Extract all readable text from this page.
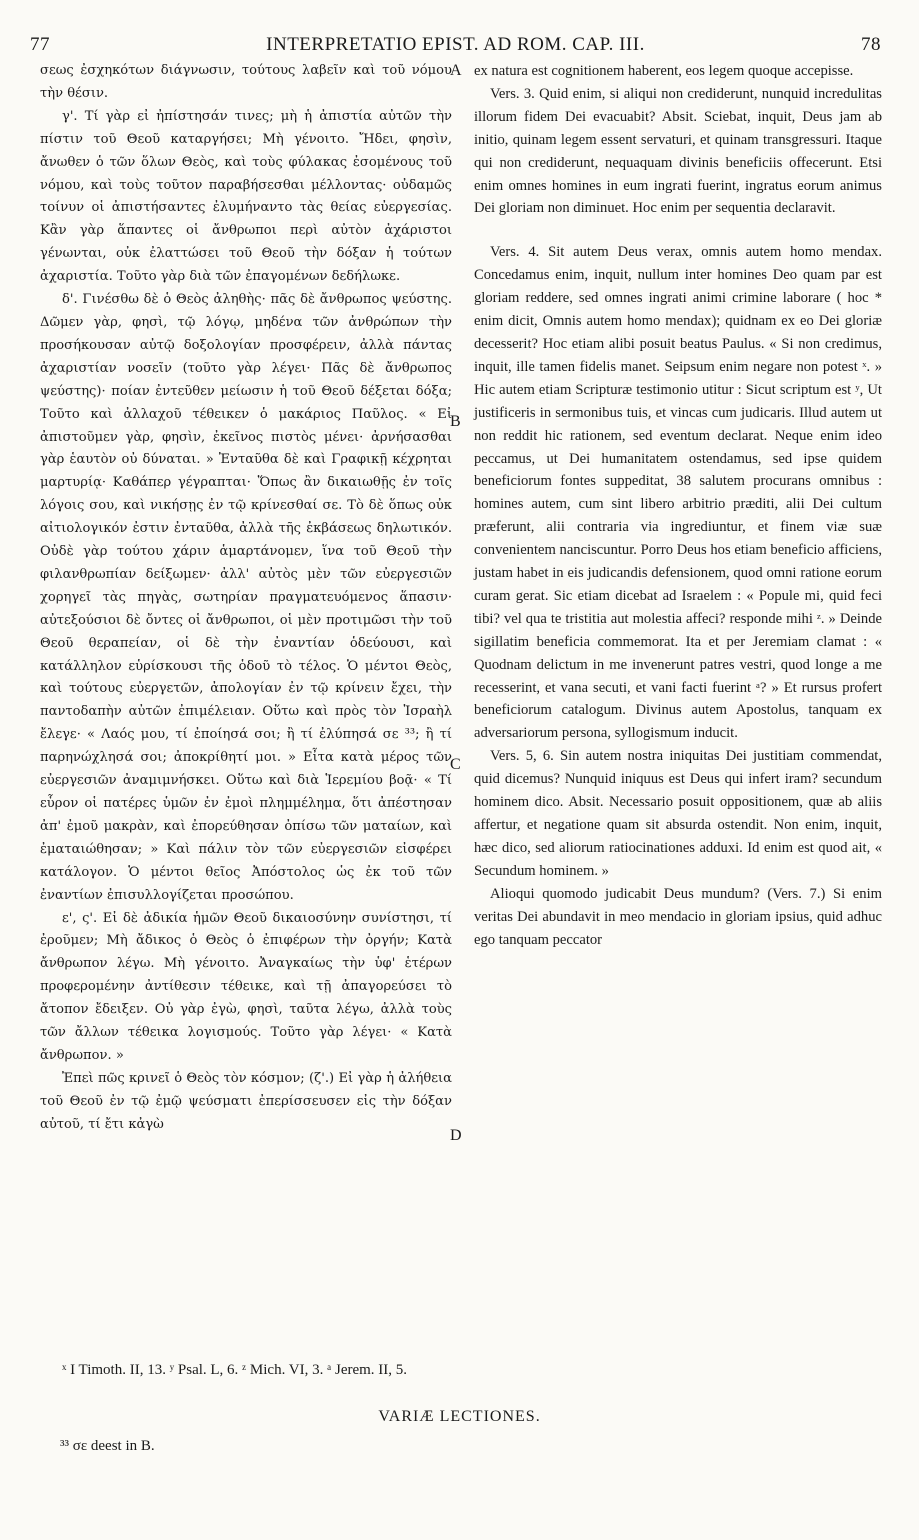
77	INTERPRETATIO EPIST. AD ROM. CAP. III.	78

σεως ἐσχηκότων διάγνωσιν, τούτους λαβεῖν καὶ τοῦ νόμου τὴν θέσιν.

γ'. Τί γὰρ εἰ ἠπίστησάν τινες; μὴ ἡ ἀπιστία αὐτῶν τὴν πίστιν τοῦ Θεοῦ καταργήσει; Μὴ γένοιτο. Ἤδει, φησὶν, ἄνωθεν ὁ τῶν ὅλων Θεὸς, καὶ τοὺς φύλακας ἐσομένους τοῦ νόμου, καὶ τοὺς τοῦτον παραβήσεσθαι μέλλοντας· οὐδαμῶς τοίνυν οἱ ἀπιστήσαντες ἐλυμήναντο τὰς θείας εὐεργεσίας. Κἂν γὰρ ἅπαντες οἱ ἄνθρωποι περὶ αὐτὸν ἀχάριστοι γένωνται, οὐκ ἐλαττώσει τοῦ Θεοῦ τὴν δόξαν ἡ τούτων ἀχαριστία. Τοῦτο γὰρ διὰ τῶν ἐπαγομένων δεδήλωκε.

δ'. Γινέσθω δὲ ὁ Θεὸς ἀληθὴς· πᾶς δὲ ἄνθρωπος ψεύστης. Δῶμεν γὰρ, φησὶ, τῷ λόγῳ, μηδένα τῶν ἀνθρώπων τὴν προσήκουσαν αὐτῷ δοξολογίαν προσφέρειν, ἀλλὰ πάντας ἀχαριστίαν νοσεῖν (τοῦτο γὰρ λέγει· Πᾶς δὲ ἄνθρωπος ψεύστης)· ποίαν ἐντεῦθεν μείωσιν ἡ τοῦ Θεοῦ δέξεται δόξα; Τοῦτο καὶ ἀλλαχοῦ τέθεικεν ὁ μακάριος Παῦλος. « Εἰ ἀπιστοῦμεν γὰρ, φησὶν, ἐκεῖνος πιστὸς μένει· ἀρνήσασθαι γὰρ ἑαυτὸν οὐ δύναται. » Ἐνταῦθα δὲ καὶ Γραφικῇ κέχρηται μαρτυρίᾳ· Καθάπερ γέγραπται· Ὅπως ἂν δικαιωθῇς ἐν τοῖς λόγοις σου, καὶ νικήσῃς ἐν τῷ κρίνεσθαί σε. Τὸ δὲ ὅπως οὐκ αἰτιολογικόν ἐστιν ἐνταῦθα, ἀλλὰ τῆς ἐκβάσεως δηλωτικόν. Οὐδὲ γὰρ τούτου χάριν ἁμαρτάνομεν, ἵνα τοῦ Θεοῦ τὴν φιλανθρωπίαν δείξωμεν· ἀλλ' αὐτὸς μὲν τῶν εὐεργεσιῶν χορηγεῖ τὰς πηγὰς, σωτηρίαν πραγματευόμενος ἅπασιν· αὐτεξούσιοι δὲ ὄντες οἱ ἄνθρωποι, οἱ μὲν προτιμῶσι τὴν τοῦ Θεοῦ θεραπείαν, οἱ δὲ τὴν ἐναντίαν ὁδεύουσι, καὶ κατάλληλον εὑρίσκουσι τῆς ὁδοῦ τὸ τέλος. Ὁ μέντοι Θεὸς, καὶ τούτους εὐεργετῶν, ἀπολογίαν ἐν τῷ κρίνειν ἔχει, τὴν παντοδαπὴν αὐτῶν ἐπιμέλειαν. Οὕτω καὶ πρὸς τὸν Ἰσραὴλ ἔλεγε· « Λαός μου, τί ἐποίησά σοι; ἢ τί ἐλύπησά σε ³³; ἢ τί παρηνώχλησά σοι; ἀποκρίθητί μοι. » Εἶτα κατὰ μέρος τῶν εὐεργεσιῶν ἀναμιμνήσκει. Οὕτω καὶ διὰ Ἱερεμίου βοᾷ· « Τί εὗρον οἱ πατέρες ὑμῶν ἐν ἐμοὶ πλημμέλημα, ὅτι ἀπέστησαν ἀπ' ἐμοῦ μακρὰν, καὶ ἐπορεύθησαν ὀπίσω τῶν ματαίων, καὶ ἐματαιώθησαν; » Καὶ πάλιν τὸν τῶν εὐεργεσιῶν εἰσφέρει κατάλογον. Ὁ μέντοι θεῖος Ἀπόστολος ὡς ἐκ τοῦ τῶν ἐναντίων ἐπισυλλογίζεται προσώπου.

ε', ς'. Εἰ δὲ ἀδικία ἡμῶν Θεοῦ δικαιοσύνην συνίστησι, τί ἐροῦμεν; Μὴ ἄδικος ὁ Θεὸς ὁ ἐπιφέρων τὴν ὀργήν; Κατὰ ἄνθρωπον λέγω. Μὴ γένοιτο. Ἀναγκαίως τὴν ὑφ' ἑτέρων προφερομένην ἀντίθεσιν τέθεικε, καὶ τῇ ἀπαγορεύσει τὸ ἄτοπον ἔδειξεν. Οὐ γὰρ ἐγὼ, φησὶ, ταῦτα λέγω, ἀλλὰ τοὺς τῶν ἄλλων τέθεικα λογισμούς. Τοῦτο γὰρ λέγει· « Κατὰ ἄνθρωπον. »

Ἐπεὶ πῶς κρινεῖ ὁ Θεὸς τὸν κόσμον; (ζ'.) Εἰ γὰρ ἡ ἀλήθεια τοῦ Θεοῦ ἐν τῷ ἐμῷ ψεύσματι ἐπερίσσευσεν εἰς τὴν δόξαν αὐτοῦ, τί ἔτι κἀγὼ

A
B
C
D

ex natura est cognitionem haberent, eos legem quoque accepisse.

Vers. 3. Quid enim, si aliqui non crediderunt, nunquid incredulitas illorum fidem Dei evacuabit? Absit. Sciebat, inquit, Deus jam ab initio, quinam legem essent servaturi, et quinam transgressuri. Itaque qui non crediderunt, nequaquam divinis beneficiis offecerunt. Etsi enim omnes homines in eum ingrati fuerint, ingratus eorum animus Dei gloriam non diminuet. Hoc enim per sequentia declaravit.

Vers. 4. Sit autem Deus verax, omnis autem homo mendax. Concedamus enim, inquit, nullum inter homines Deo quam par est gloriam reddere, sed omnes ingrati animi crimine laborare ( hoc * enim dicit, Omnis autem homo mendax); quidnam ex eo Dei gloriæ decesserit? Hoc etiam alibi posuit beatus Paulus. « Si non credimus, inquit, ille tamen fidelis manet. Seipsum enim negare non potest ˣ. » Hic autem etiam Scripturæ testimonio utitur : Sicut scriptum est ʸ, Ut justificeris in sermonibus tuis, et vincas cum judicaris. Illud autem ut non reddit hic rationem, sed eventum declarat. Neque enim ideo peccamus, ut Dei humanitatem ostendamus, sed ipse quidem beneficiorum fontes suppeditat, 38 salutem procurans omnibus : homines autem, cum sint libero arbitrio præditi, alii Dei cultum præferunt, alii contraria via ingrediuntur, et finem viæ suæ convenientem nanciscuntur. Porro Deus hos etiam beneficio afficiens, justam habet in eis judicandis defensionem, quod omni ratione eorum curam gerat. Sic etiam dicebat ad Israelem : « Popule mi, quid feci tibi? vel qua te tristitia aut molestia affeci? responde mihi ᶻ. » Deinde sigillatim beneficia commemorat. Ita et per Jeremiam clamat : « Quodnam delictum in me invenerunt patres vestri, quod longe a me recesserint, et vana secuti, et vani facti fuerint ᵃ? » Et rursus profert beneficiorum catalogum. Divinus autem Apostolus, tanquam ex adversariorum persona, syllogismum inducit.

Vers. 5, 6. Sin autem nostra iniquitas Dei justitiam commendat, quid dicemus? Nunquid iniquus est Deus qui infert iram? secundum hominem dico. Absit. Necessario posuit oppositionem, quæ ab aliis affertur, et negatione quam sit absurda ostendit. Non enim, inquit, hæc dico, sed aliorum ratiocinationes adduxi. Id enim est quod ait, « Secundum hominem. »

Alioqui quomodo judicabit Deus mundum? (Vers. 7.) Si enim veritas Dei abundavit in meo mendacio in gloriam ipsius, quid adhuc ego tanquam peccator

ˣ I Timoth. II, 13. ʸ Psal. L, 6. ᶻ Mich. VI, 3. ᵃ Jerem. II, 5.
VARIÆ LECTIONES.
³³ σε deest in B.
